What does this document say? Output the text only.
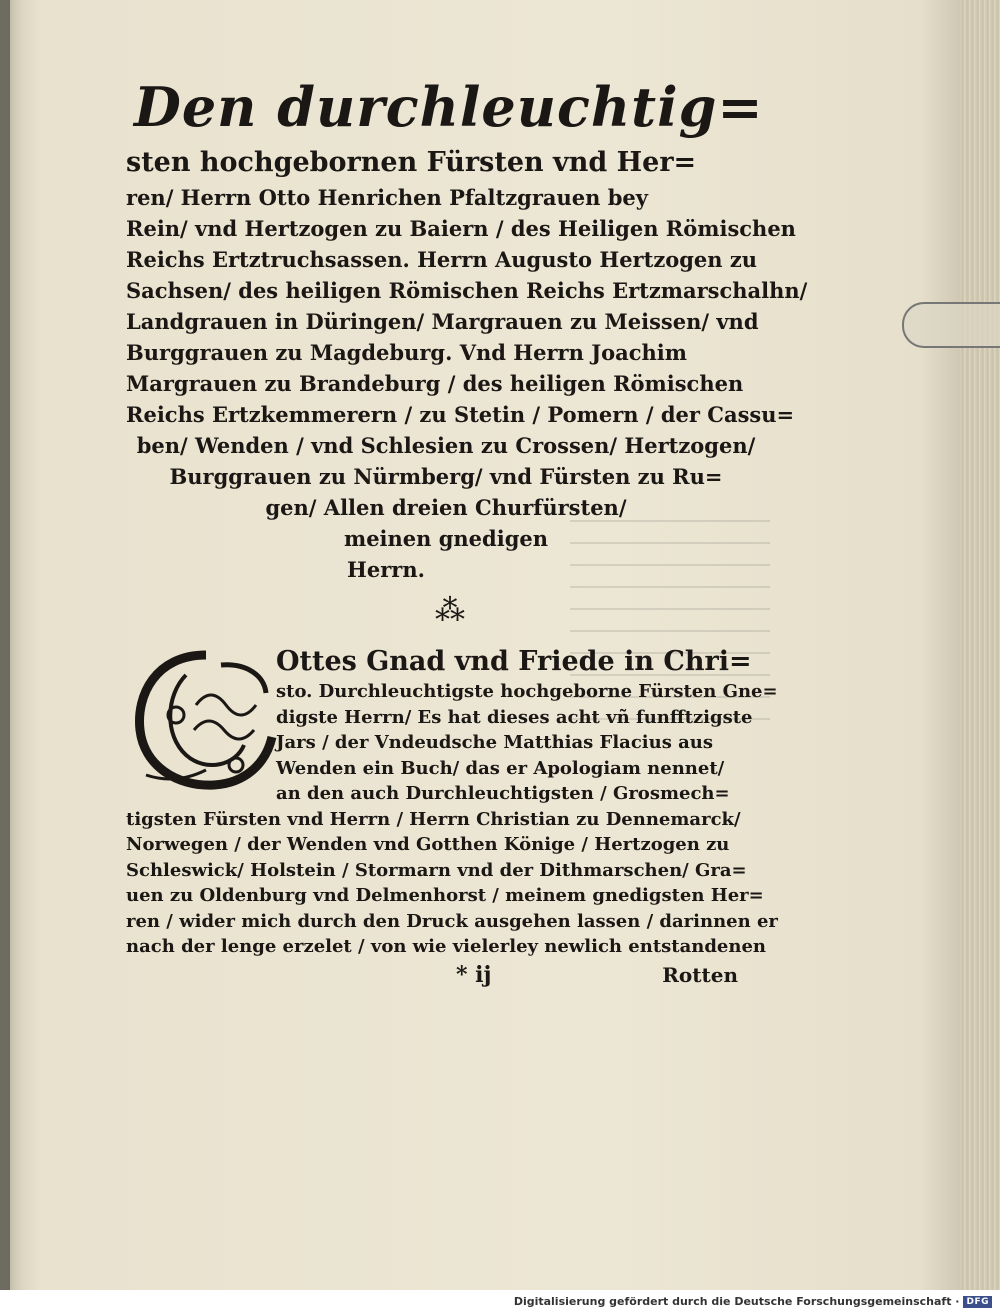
Den durchleuchtig=
sten hochgebornen Fürsten vnd Her=
ren/ Herrn Otto Henrichen Pfaltzgrauen bey
Rein/ vnd Hertzogen zu Baiern / des Heiligen Römischen
Reichs Ertztruchsassen. Herrn Augusto Hertzogen zu
Sachsen/ des heiligen Römischen Reichs Ertzmarschalhn/
Landgrauen in Düringen/ Margrauen zu Meissen/ vnd
Burggrauen zu Magdeburg. Vnd Herrn Joachim
Margrauen zu Brandeburg / des heiligen Römischen
Reichs Ertzkemmerern / zu Stetin / Pomern / der Cassu=
ben/ Wenden / vnd Schlesien zu Crossen/ Hertzogen/
Burggrauen zu Nürmberg/ vnd Fürsten zu Ru=
gen/ Allen dreien Churfürsten/
meinen gnedigen
Herrn.
⁂
Ottes Gnad vnd Friede in Chri=
sto. Durchleuchtigste hochgeborne Fürsten Gne=
digste Herrn/ Es hat dieses acht vñ funfftzigste
Jars / der Vndeudsche Matthias Flacius aus
Wenden ein Buch/ das er Apologiam nennet/
an den auch Durchleuchtigsten / Grosmech=
tigsten Fürsten vnd Herrn / Herrn Christian zu Dennemarck/
Norwegen / der Wenden vnd Gotthen Könige / Hertzogen zu
Schleswick/ Holstein / Stormarn vnd der Dithmarschen/ Gra=
uen zu Oldenburg vnd Delmenhorst / meinem gnedigsten Her=
ren / wider mich durch den Druck ausgehen lassen / darinnen er
nach der lenge erzelet / von wie vielerley newlich entstandenen
* ij	Rotten
Digitalisierung gefördert durch die Deutsche Forschungsgemeinschaft · DFG
